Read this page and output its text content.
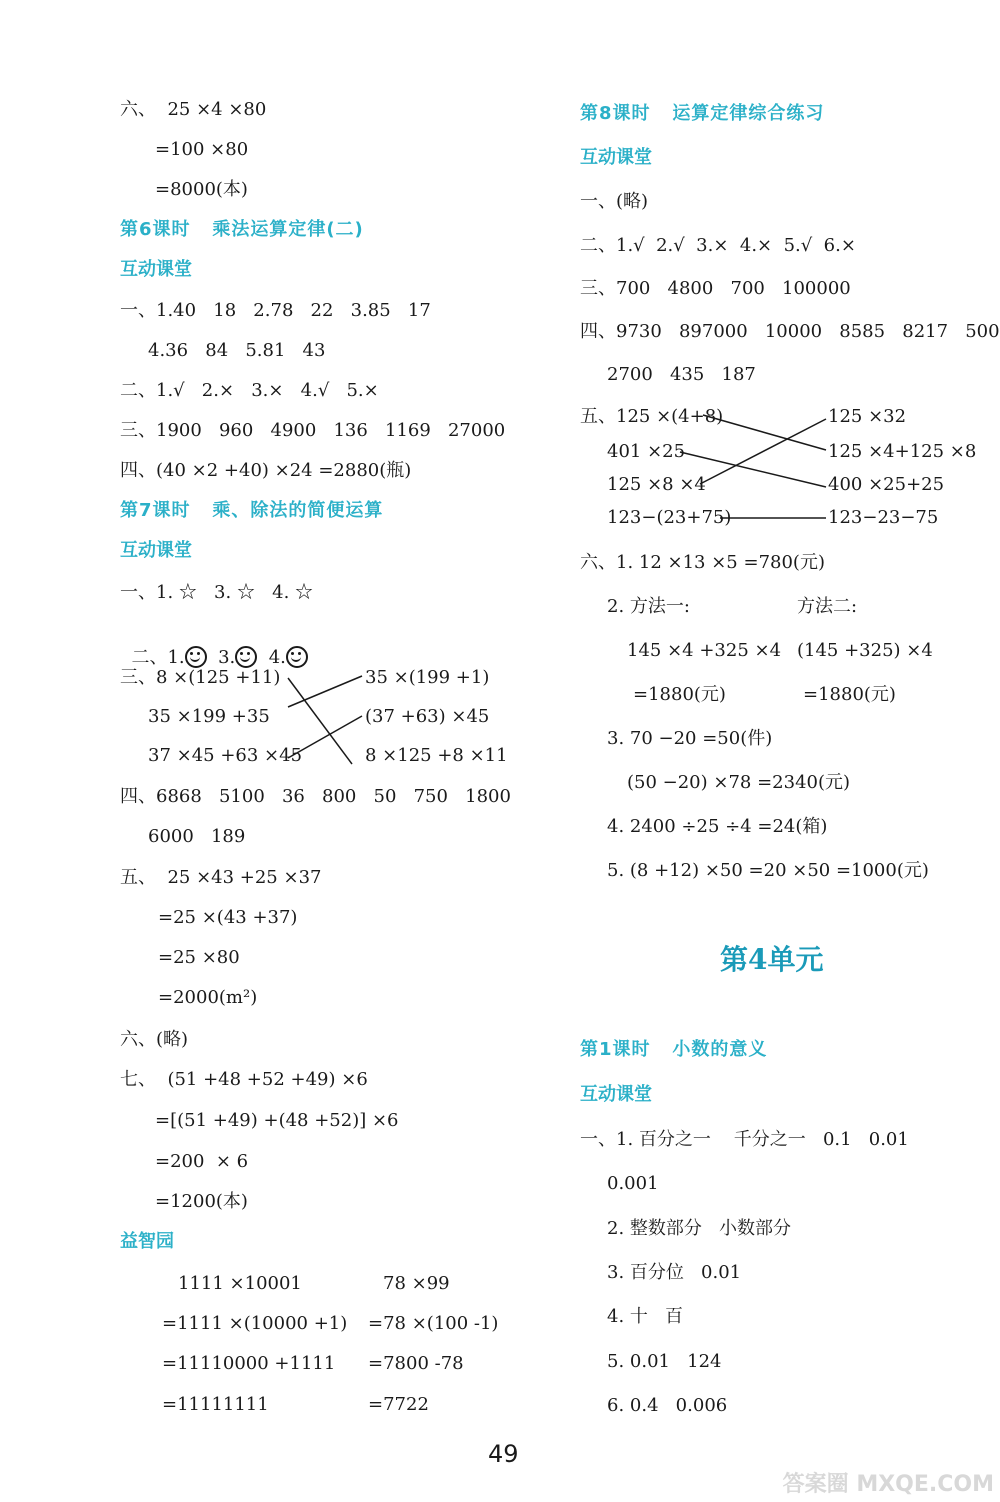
六、  25 ×4 ×80
=100 ×80
=8000(本)
第6课时   乘法运算定律(二)
互动课堂
一、1.40   18   2.78   22   3.85   17
4.36   84   5.81   43
二、1.√   2.×   3.×   4.√   5.×
三、1900   960   4900   136   1169   27000
四、(40 ×2 +40) ×24 =2880(瓶)
第7课时   乘、除法的简便运算
互动课堂
一、1. ☆   3. ☆   4. ☆

二、1. 3. 4.

三、8 ×(125 +11)
35 ×199 +35
37 ×45 +63 ×45
35 ×(199 +1)
(37 +63) ×45
8 ×125 +8 ×11
四、6868   5100   36   800   50   750   1800
6000   189
五、  25 ×43 +25 ×37
=25 ×(43 +37)
=25 ×80
=2000(m²)
六、(略)
七、  (51 +48 +52 +49) ×6
=[(51 +49) +(48 +52)] ×6
=200  × 6
=1200(本)
益智园
1111 ×10001
=1111 ×(10000 +1)
=11110000 +1111
=11111111
78 ×99
=78 ×(100 -1)
=7800 -78
=7722
第8课时   运算定律综合练习
互动课堂
一、(略)
二、1.√  2.√  3.×  4.×  5.√  6.×
三、700   4800   700   100000
四、9730   897000   10000   8585   8217   500
2700   435   187
五、125 ×(4+8)
401 ×25
125 ×8 ×4
123−(23+75)
125 ×32
125 ×4+125 ×8
400 ×25+25
123−23−75
六、1. 12 ×13 ×5 =780(元)
2. 方法一:	方法二:
145 ×4 +325 ×4 (145 +325) ×4
=1880(元)	=1880(元)
3. 70 −20 =50(件)
(50 −20) ×78 =2340(元)
4. 2400 ÷25 ÷4 =24(箱)
5. (8 +12) ×50 =20 ×50 =1000(元)
第4单元
第1课时   小数的意义
互动课堂
一、1. 百分之一    千分之一   0.1   0.01
0.001
2. 整数部分   小数部分
3. 百分位   0.01
4. 十   百
5. 0.01   124
6. 0.4   0.006
49
答案圈 MXQE.COM
